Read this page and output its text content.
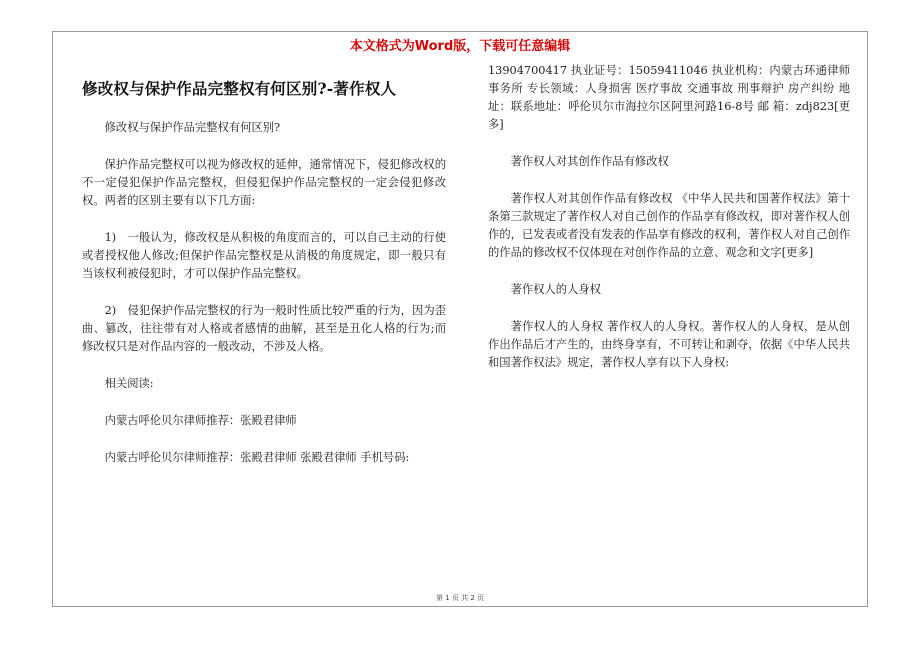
本文格式为Word版，下载可任意编辑
修改权与保护作品完整权有何区别?-著作权人

修改权与保护作品完整权有何区别?

保护作品完整权可以视为修改权的延伸，通常情况下，侵犯修改权的不一定侵犯保护作品完整权，但侵犯保护作品完整权的一定会侵犯修改权。两者的区别主要有以下几方面:

1)　一般认为，修改权是从积极的角度而言的，可以自己主动的行使或者授权他人修改;但保护作品完整权是从消极的角度规定，即一般只有当该权利被侵犯时，才可以保护作品完整权。

2)　侵犯保护作品完整权的行为一般时性质比较严重的行为，因为歪曲、篡改，往往带有对人格或者感情的曲解，甚至是丑化人格的行为;而修改权只是对作品内容的一般改动，不涉及人格。

相关阅读:

内蒙古呼伦贝尔律师推荐：张殿君律师

内蒙古呼伦贝尔律师推荐：张殿君律师 张殿君律师 手机号码:

13904700417 执业证号：15059411046 执业机构：内蒙古环通律师事务所 专长领域：人身损害 医疗事故 交通事故 刑事辩护 房产纠纷 地 址：联系地址：呼伦贝尔市海拉尔区阿里河路16-8号 邮 箱：zdj823[更多]

著作权人对其创作作品有修改权

著作权人对其创作作品有修改权 《中华人民共和国著作权法》第十条第三款规定了著作权人对自己创作的作品享有修改权，即对著作权人创作的，已发表或者没有发表的作品享有修改的权利，著作权人对自己创作的作品的修改权不仅体现在对创作作品的立意、观念和文字[更多]

著作权人的人身权

著作权人的人身权 著作权人的人身权。著作权人的人身权，是从创作出作品后才产生的，由终身享有，不可转让和剥夺，依据《中华人民共和国著作权法》规定，著作权人享有以下人身权:

第 1 页 共 2 页
